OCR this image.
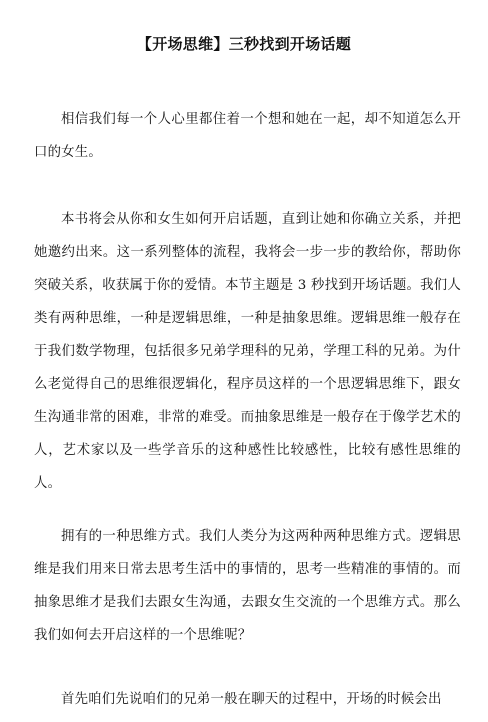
【开场思维】三秒找到开场话题

相信我们每一个人心里都住着一个想和她在一起，却不知道怎么开口的女生。

本书将会从你和女生如何开启话题，直到让她和你确立关系，并把她邀约出来。这一系列整体的流程，我将会一步一步的教给你，帮助你突破关系，收获属于你的爱情。本节主题是 3 秒找到开场话题。我们人类有两种思维，一种是逻辑思维，一种是抽象思维。逻辑思维一般存在于我们数学物理，包括很多兄弟学理科的兄弟，学理工科的兄弟。为什么老觉得自己的思维很逻辑化，程序员这样的一个思逻辑思维下，跟女生沟通非常的困难，非常的难受。而抽象思维是一般存在于像学艺术的人，艺术家以及一些学音乐的这种感性比较感性，比较有感性思维的人。

拥有的一种思维方式。我们人类分为这两种两种思维方式。逻辑思维是我们用来日常去思考生活中的事情的，思考一些精准的事情的。而抽象思维才是我们去跟女生沟通，去跟女生交流的一个思维方式。那么我们如何去开启这样的一个思维呢？

首先咱们先说咱们的兄弟一般在聊天的过程中，开场的时候会出
